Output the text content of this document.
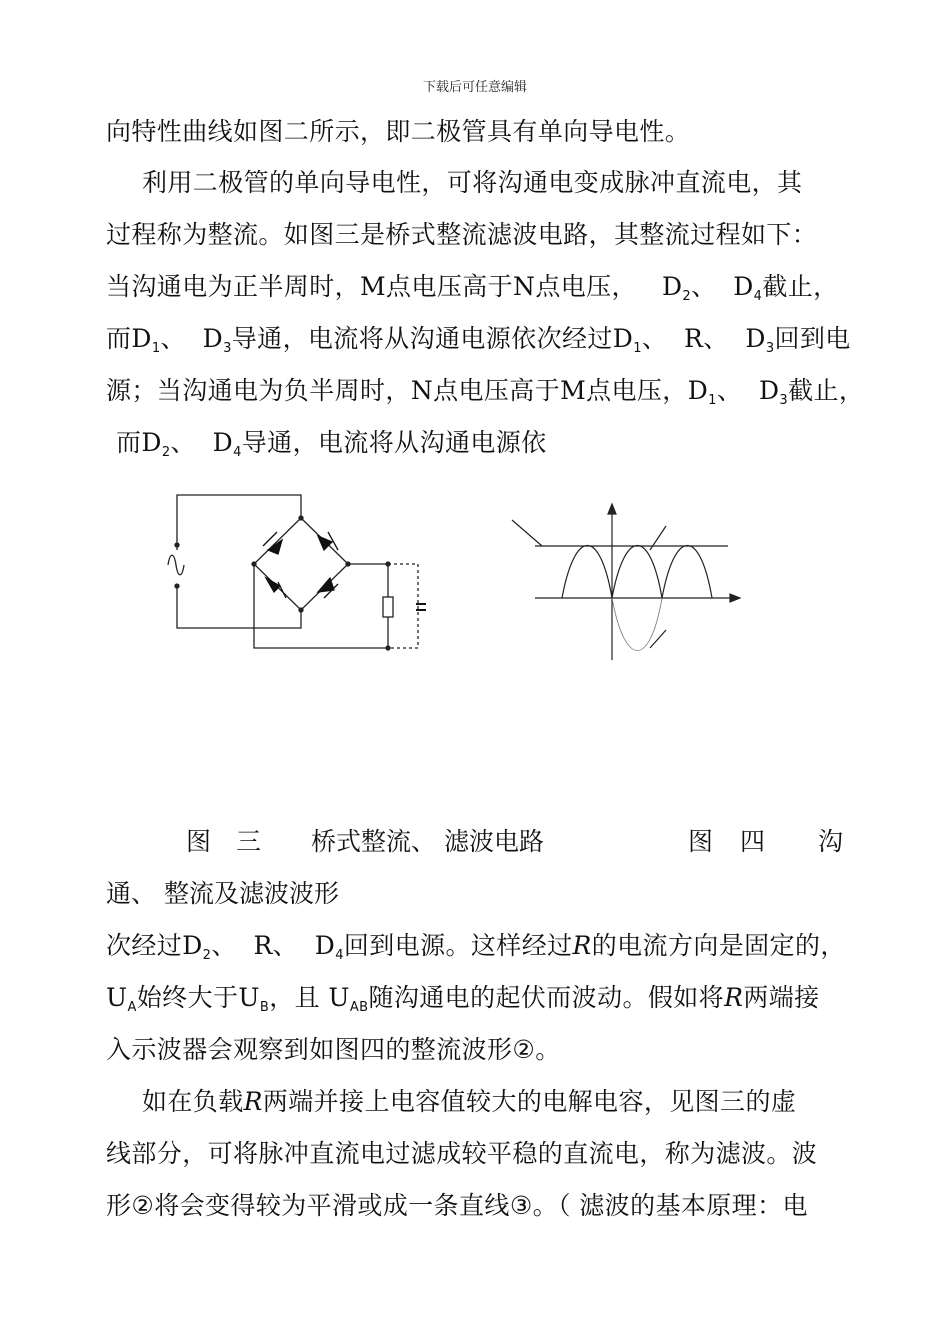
下载后可任意编辑
向特性曲线如图二所示，即二极管具有单向导电性。
利用二极管的单向导电性，可将沟通电变成脉冲直流电，其
过程称为整流。如图三是桥式整流滤波电路，其整流过程如下：
当沟通电为正半周时，M点电压高于N点电压， $D_2$、 $D_4$截止，
而$D_1$、 $D_3$导通，电流将从沟通电源依次经过$D_1$、 R、 $D_3$回到电
源；当沟通电为负半周时，N点电压高于M点电压，$D_1$、 $D_3$截止，
而$D_2$、 $D_4$导通，电流将从沟通电源依
图　三　　桥式整流、 滤波电路	图　四　　沟
通、 整流及滤波波形
次经过$D_2$、 R、 $D_4$回到电源。这样经过R的电流方向是固定的，
$U_A$始终大于$U_B$，且 $U_{AB}$随沟通电的起伏而波动。假如将R两端接
入示波器会观察到如图四的整流波形②。
如在负载R两端并接上电容值较大的电解电容，见图三的虚
线部分，可将脉冲直流电过滤成较平稳的直流电，称为滤波。波
形②将会变得较为平滑或成一条直线③。（ 滤波的基本原理：电
